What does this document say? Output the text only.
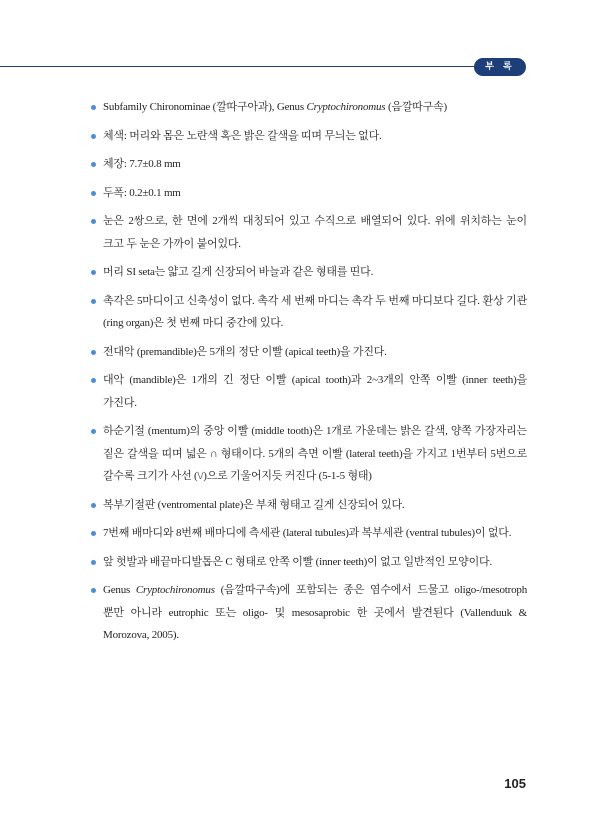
부 록
Subfamily Chironominae (깔따구아과), Genus Cryptochironomus (음깔따구속)
체색: 머리와 몸은 노란색 혹은 밝은 갈색을 띠며 무늬는 없다.
체장: 7.7±0.8 mm
두폭: 0.2±0.1 mm
눈은 2쌍으로, 한 면에 2개씩 대칭되어 있고 수직으로 배열되어 있다. 위에 위치하는 눈이 크고 두 눈은 가까이 붙어있다.
머리 SI seta는 얇고 길게 신장되어 바늘과 같은 형태를 띤다.
촉각은 5마디이고 신축성이 없다. 촉각 세 번째 마디는 촉각 두 번째 마디보다 길다. 환상 기관 (ring organ)은 첫 번째 마디 중간에 있다.
전대악 (premandible)은 5개의 정단 이빨 (apical teeth)을 가진다.
대악 (mandible)은 1개의 긴 정단 이빨 (apical tooth)과 2~3개의 안쪽 이빨 (inner teeth)을 가진다.
하순기절 (mentum)의 중앙 이빨 (middle tooth)은 1개로 가운데는 밝은 갈색, 양쪽 가장자리는 짙은 갈색을 띠며 넓은 ∩ 형태이다. 5개의 측면 이빨 (lateral teeth)을 가지고 1번부터 5번으로 갈수록 크기가 사선 (\/)으로 기울어지듯 커진다 (5-1-5 형태)
복부기절판 (ventromental plate)은 부채 형태고 길게 신장되어 있다.
7번째 배마디와 8번째 배마디에 측세관 (lateral tubules)과 복부세관 (ventral tubules)이 없다.
앞 헛발과 배끝마디발톱은 C 형태로 안쪽 이빨 (inner teeth)이 없고 일반적인 모양이다.
Genus Cryptochironomus (음깔따구속)에 포함되는 종은 염수에서 드물고 oligo-/mesotroph 뿐만 아니라 eutrophic 또는 oligo- 및 mesosaprobic 한 곳에서 발견된다 (Vallenduuk & Morozova, 2005).
105
